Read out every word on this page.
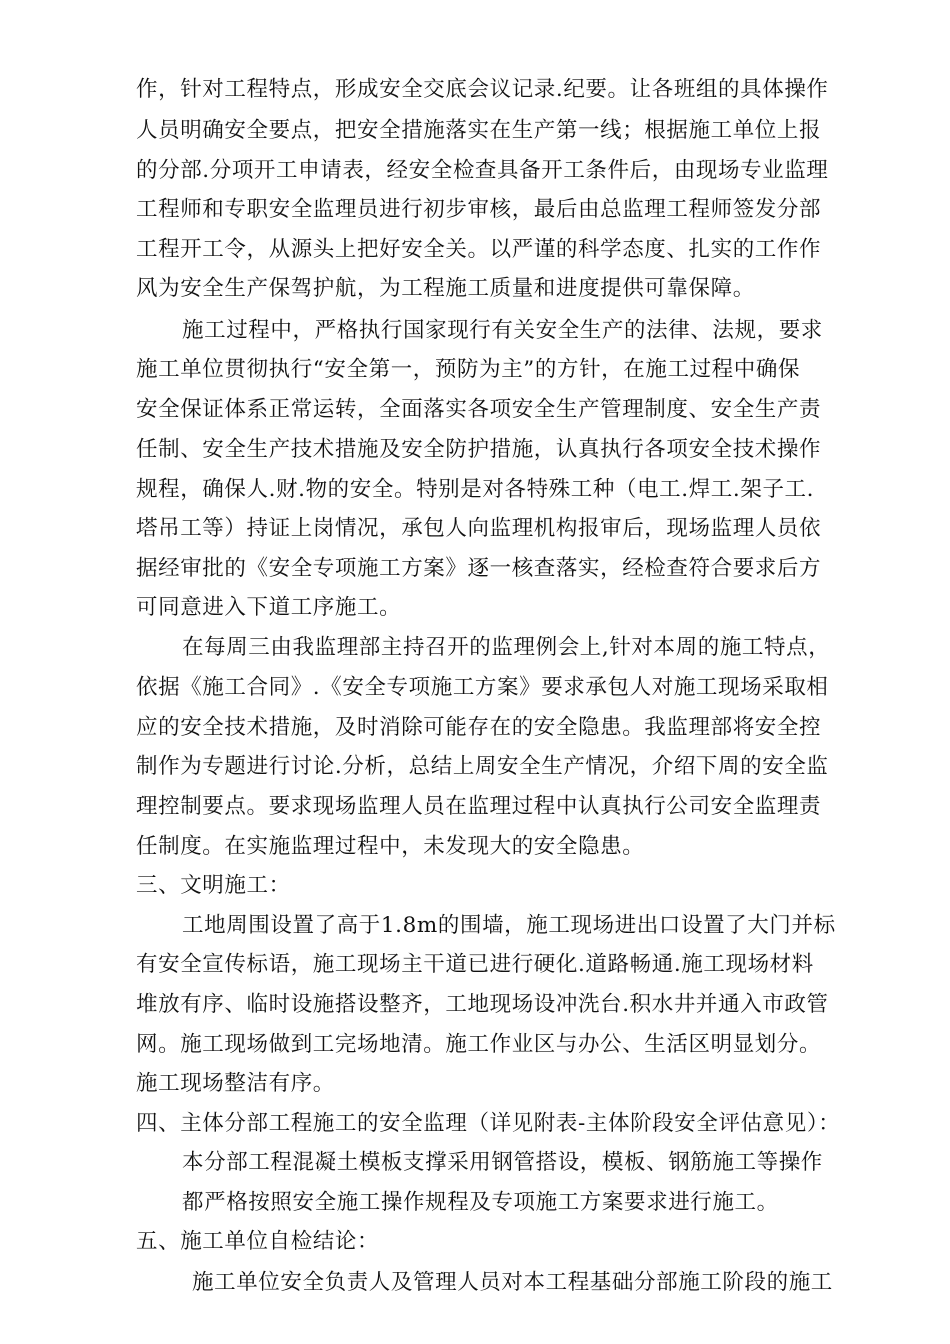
作，针对工程特点，形成安全交底会议记录.纪要。让各班组的具体操作
人员明确安全要点，把安全措施落实在生产第一线；根据施工单位上报
的分部.分项开工申请表，经安全检查具备开工条件后，由现场专业监理
工程师和专职安全监理员进行初步审核，最后由总监理工程师签发分部
工程开工令，从源头上把好安全关。以严谨的科学态度、扎实的工作作
风为安全生产保驾护航，为工程施工质量和进度提供可靠保障。
施工过程中，严格执行国家现行有关安全生产的法律、法规，要求
施工单位贯彻执行“安全第一，预防为主”的方针，在施工过程中确保
安全保证体系正常运转，全面落实各项安全生产管理制度、安全生产责
任制、安全生产技术措施及安全防护措施，认真执行各项安全技术操作
规程，确保人.财.物的安全。特别是对各特殊工种（电工.焊工.架子工.
塔吊工等）持证上岗情况，承包人向监理机构报审后，现场监理人员依
据经审批的《安全专项施工方案》逐一核查落实，经检查符合要求后方
可同意进入下道工序施工。
在每周三由我监理部主持召开的监理例会上,针对本周的施工特点，
依据《施工合同》.《安全专项施工方案》要求承包人对施工现场采取相
应的安全技术措施，及时消除可能存在的安全隐患。我监理部将安全控
制作为专题进行讨论.分析，总结上周安全生产情况，介绍下周的安全监
理控制要点。要求现场监理人员在监理过程中认真执行公司安全监理责
任制度。在实施监理过程中，未发现大的安全隐患。
三、文明施工：
工地周围设置了高于1.8m的围墙，施工现场进出口设置了大门并标
有安全宣传标语，施工现场主干道已进行硬化.道路畅通.施工现场材料
堆放有序、临时设施搭设整齐，工地现场设冲洗台.积水井并通入市政管
网。施工现场做到工完场地清。施工作业区与办公、生活区明显划分。
施工现场整洁有序。
四、主体分部工程施工的安全监理（详见附表-主体阶段安全评估意见）：
本分部工程混凝土模板支撑采用钢管搭设，模板、钢筋施工等操作
都严格按照安全施工操作规程及专项施工方案要求进行施工。
五、施工单位自检结论：
施工单位安全负责人及管理人员对本工程基础分部施工阶段的施工
